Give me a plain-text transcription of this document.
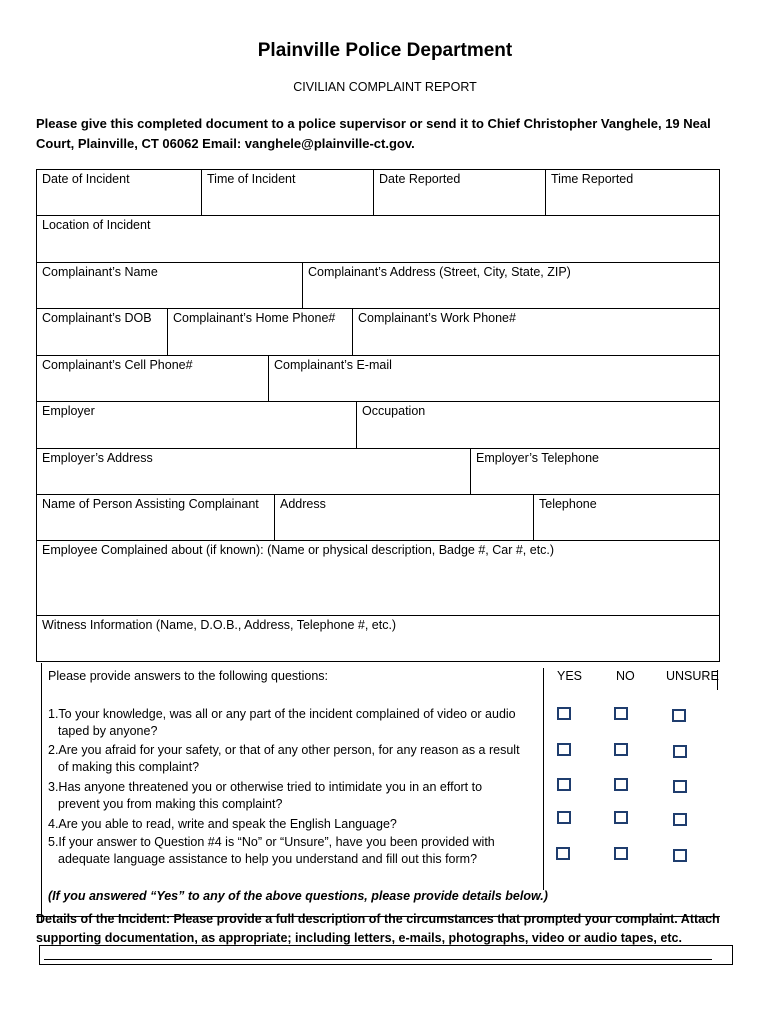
Plainville Police Department
CIVILIAN COMPLAINT REPORT
Please give this completed document to a police supervisor or send it to Chief Christopher Vanghele, 19 Neal Court, Plainville, CT 06062 Email: vanghele@plainville-ct.gov.
Date of Incident	Time of Incident	Date Reported	Time Reported
Location of Incident
Complainant’s Name	Complainant’s Address (Street, City, State, ZIP)
Complainant’s DOB	Complainant’s Home Phone#	Complainant’s Work Phone#
Complainant’s Cell Phone#	Complainant’s E-mail
Employer	Occupation
Employer’s Address	Employer’s Telephone
Name of Person Assisting Complainant	Address	Telephone
Employee Complained about (if known): (Name or physical description, Badge #, Car #, etc.)
Witness Information (Name, D.O.B., Address, Telephone #, etc.)
Please provide answers to the following questions:	YES	NO	UNSURE
1.To your knowledge, was all or any part of the incident complained of video or audio
taped by anyone?
2.Are you afraid for your safety, or that of any other person, for any reason as a result
of making this complaint?
3.Has anyone threatened you or otherwise tried to intimidate you in an effort to
prevent you from making this complaint?
4.Are you able to read, write and speak the English Language?
5.If your answer to Question #4 is “No” or “Unsure”, have you been provided with
adequate language assistance to help you understand and fill out this form?
(If you answered “Yes” to any of the above questions, please provide details below.)
Details of the Incident: Please provide a full description of the circumstances that prompted your complaint. Attach supporting documentation, as appropriate; including letters, e-mails, photographs, video or audio tapes, etc.
